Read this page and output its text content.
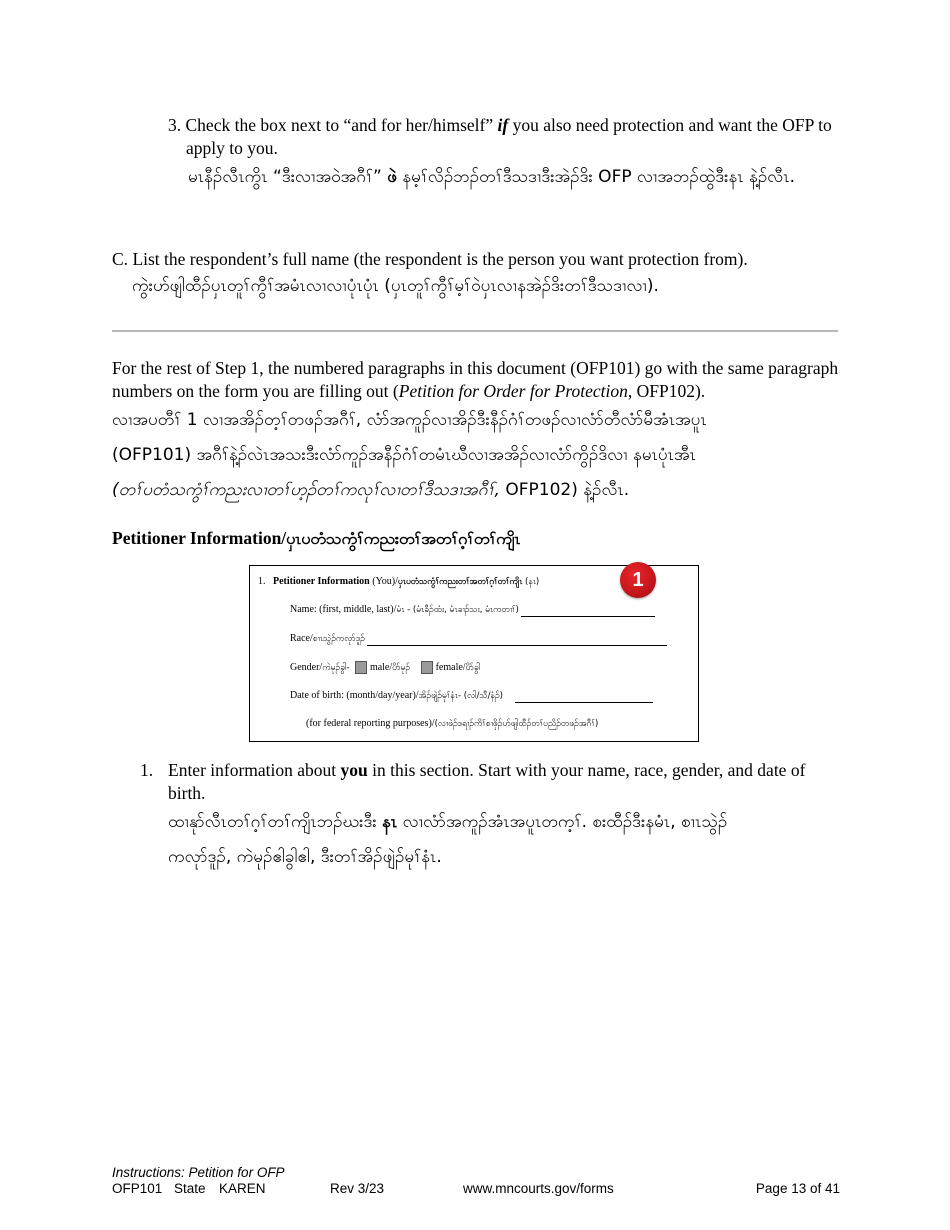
3. Check the box next to “and for her/himself” if you also need protection and want the OFP to apply to you.
မၤနီၣ်လီၤကွိၤ “ဒီးလၢအဝဲအဂီၢ်” ဖဲ နမ့ၢ်လိၣ်ဘၣ်တၢ်ဒီသဒၢဒီးအဲၣ်ဒိး OFP လၢအဘၣ်ထွဲဒီးနၤ နဲ့ၣ်လီၤ.
C. List the respondent’s full name (the respondent is the person you want protection from).
ကွဲးဟ်ဖျါထီၣ်ပှၤတူၢ်ကွီၢ်အမံၤလၢလၢပုံၤပုံၤ (ပှၤတူၢ်ကွီၢ်မ့ၢ်ဝဲပှၤလၢနအဲၣ်ဒိးတၢ်ဒီသဒၢလၢ).
For the rest of Step 1, the numbered paragraphs in this document (OFP101) go with the same paragraph numbers on the form you are filling out (Petition for Order for Protection, OFP102).
လၢအပတီၢ် 1 လၢအအိၣ်တ့ၢ်တဖၣ်အဂီၢ်, လံာ်အကူၣ်လၢအိၣ်ဒီးနီၣ်ဂံၢ်တဖၣ်လၢလံာ်တီလံာ်မီအံၤအပူၤ
(OFP101) အဂီၢ်နဲ့ၣ်လဲၤအသးဒီးလံာ်ကူၣ်အနီၣ်ဂံၢ်တမံၤဃီလၢအအိၣ်လၢလံာ်ကွိၣ်ဒိလၢ နမၤပုံၤအီၤ
(တၢ်ပတံသကွံၢ်ကညးလၢတၢ်ဟ့ၣ်တၢ်ကလုၢ်လၢတၢ်ဒီသဒၢအဂီၢ်, OFP102) နဲ့ၣ်လီၤ.
Petitioner Information/ပှၤပတံသကွံၢ်ကညးတၢ်အတၢ်ဂ့ၢ်တၢ်ကျိၤ
1
1. Petitioner Information (You)/ပှၤပတံသကွံၢ်ကညးတၢ်အတၢ်ဂ့ၢ်တၢ်ကျိၤ (နၤ)
Name: (first, middle, last)/မံၤ - (မံၤခီၣ်ထံး, မံၤခၢၣ်သး, မံၤကတၢၢ်)
Race/စၢၤသွဲၣ်ကလုာ်ဒူၣ်
Gender/ကဲမုၣ်ခွါ- male/ပိာ်မုၣ်	female/ပိာ်ခွါ
Date of birth: (month/day/year)/အိၣ်ဖျဲၣ်မုၢ်နံၤ- (လါ/သီ/နံၣ်)
(for federal reporting purposes)/(လၢဖဲၣ်ဒရၢၣ်ကိၢ်စၢဖိုၣ်ဟ်ဖျါထီၣ်တၢ်ပညိၣ်တဖၣ်အဂီၢ်)
1. Enter information about you in this section. Start with your name, race, gender, and date of birth.
ထၢနုာ်လီၤတၢ်ဂ့ၢ်တၢ်ကျိၤဘၣ်ဃးဒီး နၤ လၢလံာ်အကူၣ်အံၤအပူၤတက့ၢ်. စးထီၣ်ဒီးနမံၤ, စၢၤသွဲၣ်
ကလုာ်ဒူၣ်, ကဲမုၣ်ဧါခွါဧါ, ဒီးတၢ်အိၣ်ဖျဲၣ်မုၢ်နံၤ.
Instructions: Petition for OFP
OFP101 State KAREN	Rev 3/23	www.mncourts.gov/forms	Page 13 of 41
